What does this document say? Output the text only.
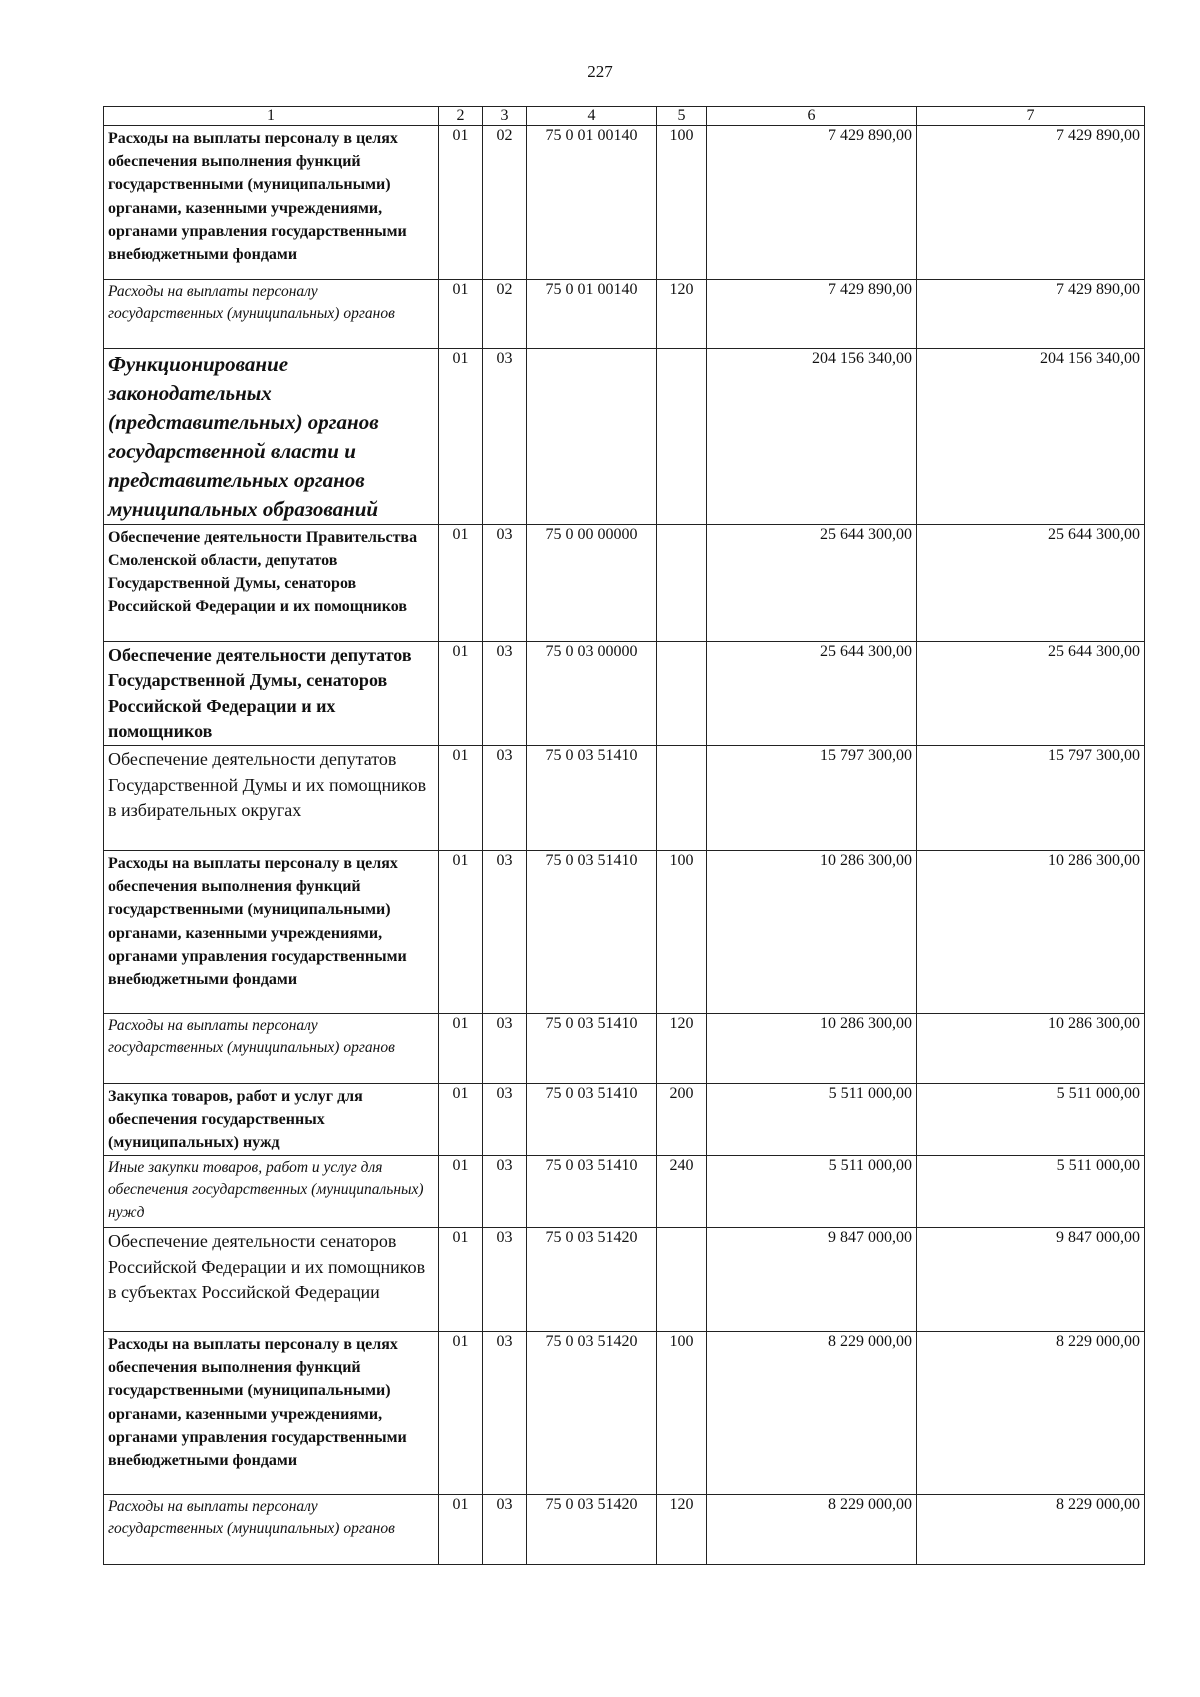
227
1	2	3	4	5	6	7
Расходы на выплаты персоналу в целях обеспечения выполнения функций государственными (муниципальными) органами, казенными учреждениями, органами управления государственными внебюджетными фондами	01	02	75 0 01 00140	100	7 429 890,00	7 429 890,00
Расходы на выплаты персоналу государственных (муниципальных) органов	01	02	75 0 01 00140	120	7 429 890,00	7 429 890,00
Функционирование законодательных (представительных) органов государственной власти и представительных органов муниципальных образований	01	03			204 156 340,00	204 156 340,00
Обеспечение деятельности Правительства Смоленской области, депутатов Государственной Думы, сенаторов Российской Федерации и их помощников	01	03	75 0 00 00000		25 644 300,00	25 644 300,00
Обеспечение деятельности депутатов Государственной Думы, сенаторов Российской Федерации и их помощников	01	03	75 0 03 00000		25 644 300,00	25 644 300,00
Обеспечение деятельности депутатов Государственной Думы и их помощников в избирательных округах	01	03	75 0 03 51410		15 797 300,00	15 797 300,00
Расходы на выплаты персоналу в целях обеспечения выполнения функций государственными (муниципальными) органами, казенными учреждениями, органами управления государственными внебюджетными фондами	01	03	75 0 03 51410	100	10 286 300,00	10 286 300,00
Расходы на выплаты персоналу государственных (муниципальных) органов	01	03	75 0 03 51410	120	10 286 300,00	10 286 300,00
Закупка товаров, работ и услуг для обеспечения государственных (муниципальных) нужд	01	03	75 0 03 51410	200	5 511 000,00	5 511 000,00
Иные закупки товаров, работ и услуг для обеспечения государственных (муниципальных) нужд	01	03	75 0 03 51410	240	5 511 000,00	5 511 000,00
Обеспечение деятельности сенаторов Российской Федерации и их помощников в субъектах Российской Федерации	01	03	75 0 03 51420		9 847 000,00	9 847 000,00
Расходы на выплаты персоналу в целях обеспечения выполнения функций государственными (муниципальными) органами, казенными учреждениями, органами управления государственными внебюджетными фондами	01	03	75 0 03 51420	100	8 229 000,00	8 229 000,00
Расходы на выплаты персоналу государственных (муниципальных) органов	01	03	75 0 03 51420	120	8 229 000,00	8 229 000,00
